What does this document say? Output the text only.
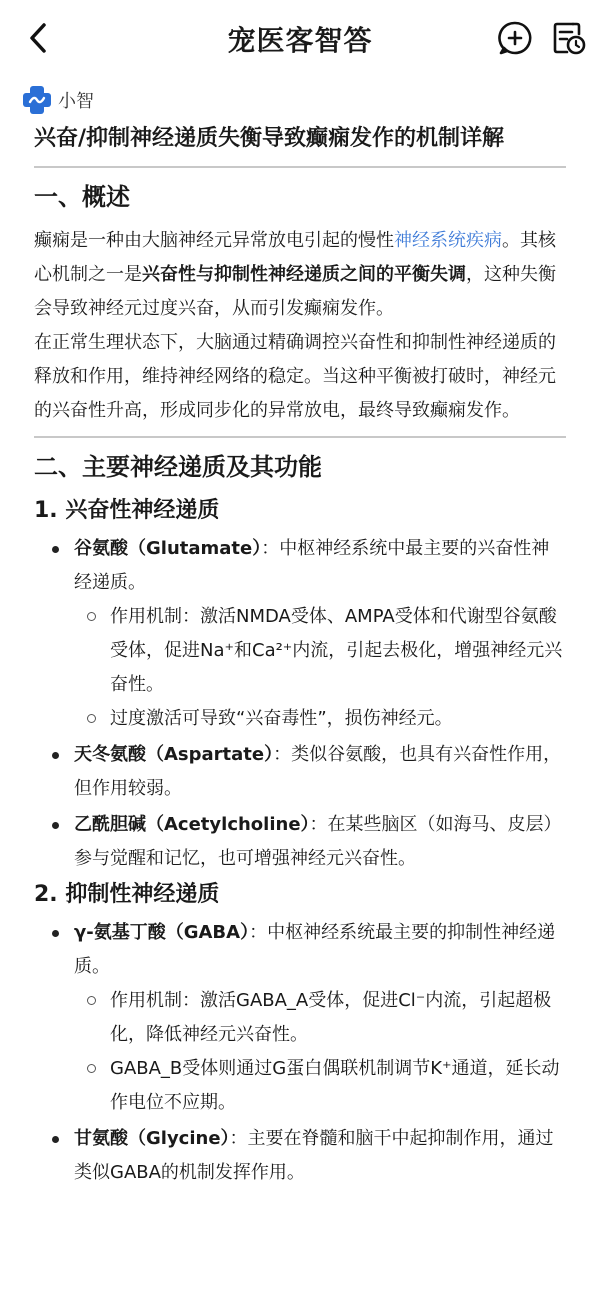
宠医客智答
小智
兴奋/抑制神经递质失衡导致癫痫发作的机制详解
一、概述

癫痫是一种由大脑神经元异常放电引起的慢性神经系统疾病。其核心机制之一是兴奋性与抑制性神经递质之间的平衡失调，这种失衡会导致神经元过度兴奋，从而引发癫痫发作。

在正常生理状态下，大脑通过精确调控兴奋性和抑制性神经递质的释放和作用，维持神经网络的稳定。当这种平衡被打破时，神经元的兴奋性升高，形成同步化的异常放电，最终导致癫痫发作。

二、主要神经递质及其功能
1. 兴奋性神经递质
谷氨酸（Glutamate）：中枢神经系统中最主要的兴奋性神经递质。
作用机制：激活NMDA受体、AMPA受体和代谢型谷氨酸受体，促进Na⁺和Ca²⁺内流，引起去极化，增强神经元兴奋性。
过度激活可导致“兴奋毒性”，损伤神经元。
天冬氨酸（Aspartate）：类似谷氨酸，也具有兴奋性作用，但作用较弱。
乙酰胆碱（Acetylcholine）：在某些脑区（如海马、皮层）参与觉醒和记忆，也可增强神经元兴奋性。
2. 抑制性神经递质
γ-氨基丁酸（GABA）：中枢神经系统最主要的抑制性神经递质。
作用机制：激活GABA_A受体，促进Cl⁻内流，引起超极化，降低神经元兴奋性。
GABA_B受体则通过G蛋白偶联机制调节K⁺通道，延长动作电位不应期。
甘氨酸（Glycine）：主要在脊髓和脑干中起抑制作用，通过类似GABA的机制发挥作用。
